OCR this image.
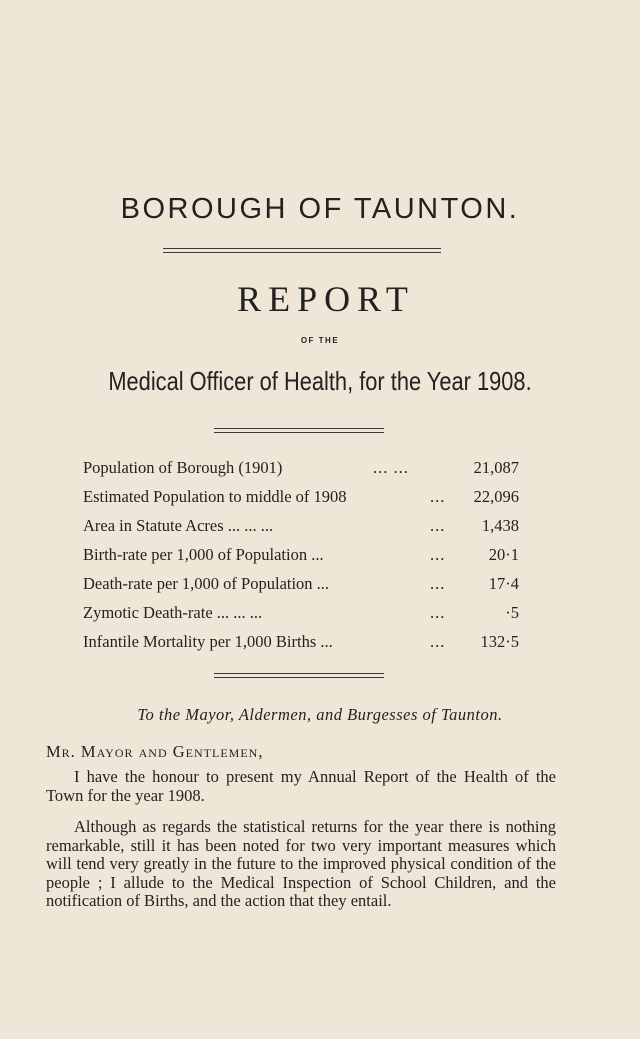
BOROUGH OF TAUNTON.
REPORT
OF THE
Medical Officer of Health, for the Year 1908.
Population of Borough (1901)	... ...	21,087
Estimated Population to middle of 1908	... 22,096
Area in Statute Acres ... ... ...	... 1,438
Birth-rate per 1,000 of Population ...	...	20·1
Death-rate per 1,000 of Population ...	...	17·4
Zymotic Death-rate ... ... ...	...	·5
Infantile Mortality per 1,000 Births ...	... 132·5
To the Mayor, Aldermen, and Burgesses of Taunton.
Mr. Mayor and Gentlemen,
I have the honour to present my Annual Report of the Health of the Town for the year 1908.
Although as regards the statistical returns for the year there is nothing remarkable, still it has been noted for two very important measures which will tend very greatly in the future to the improved physical condition of the people ; I allude to the Medical Inspection of School Children, and the notification of Births, and the action that they entail.
